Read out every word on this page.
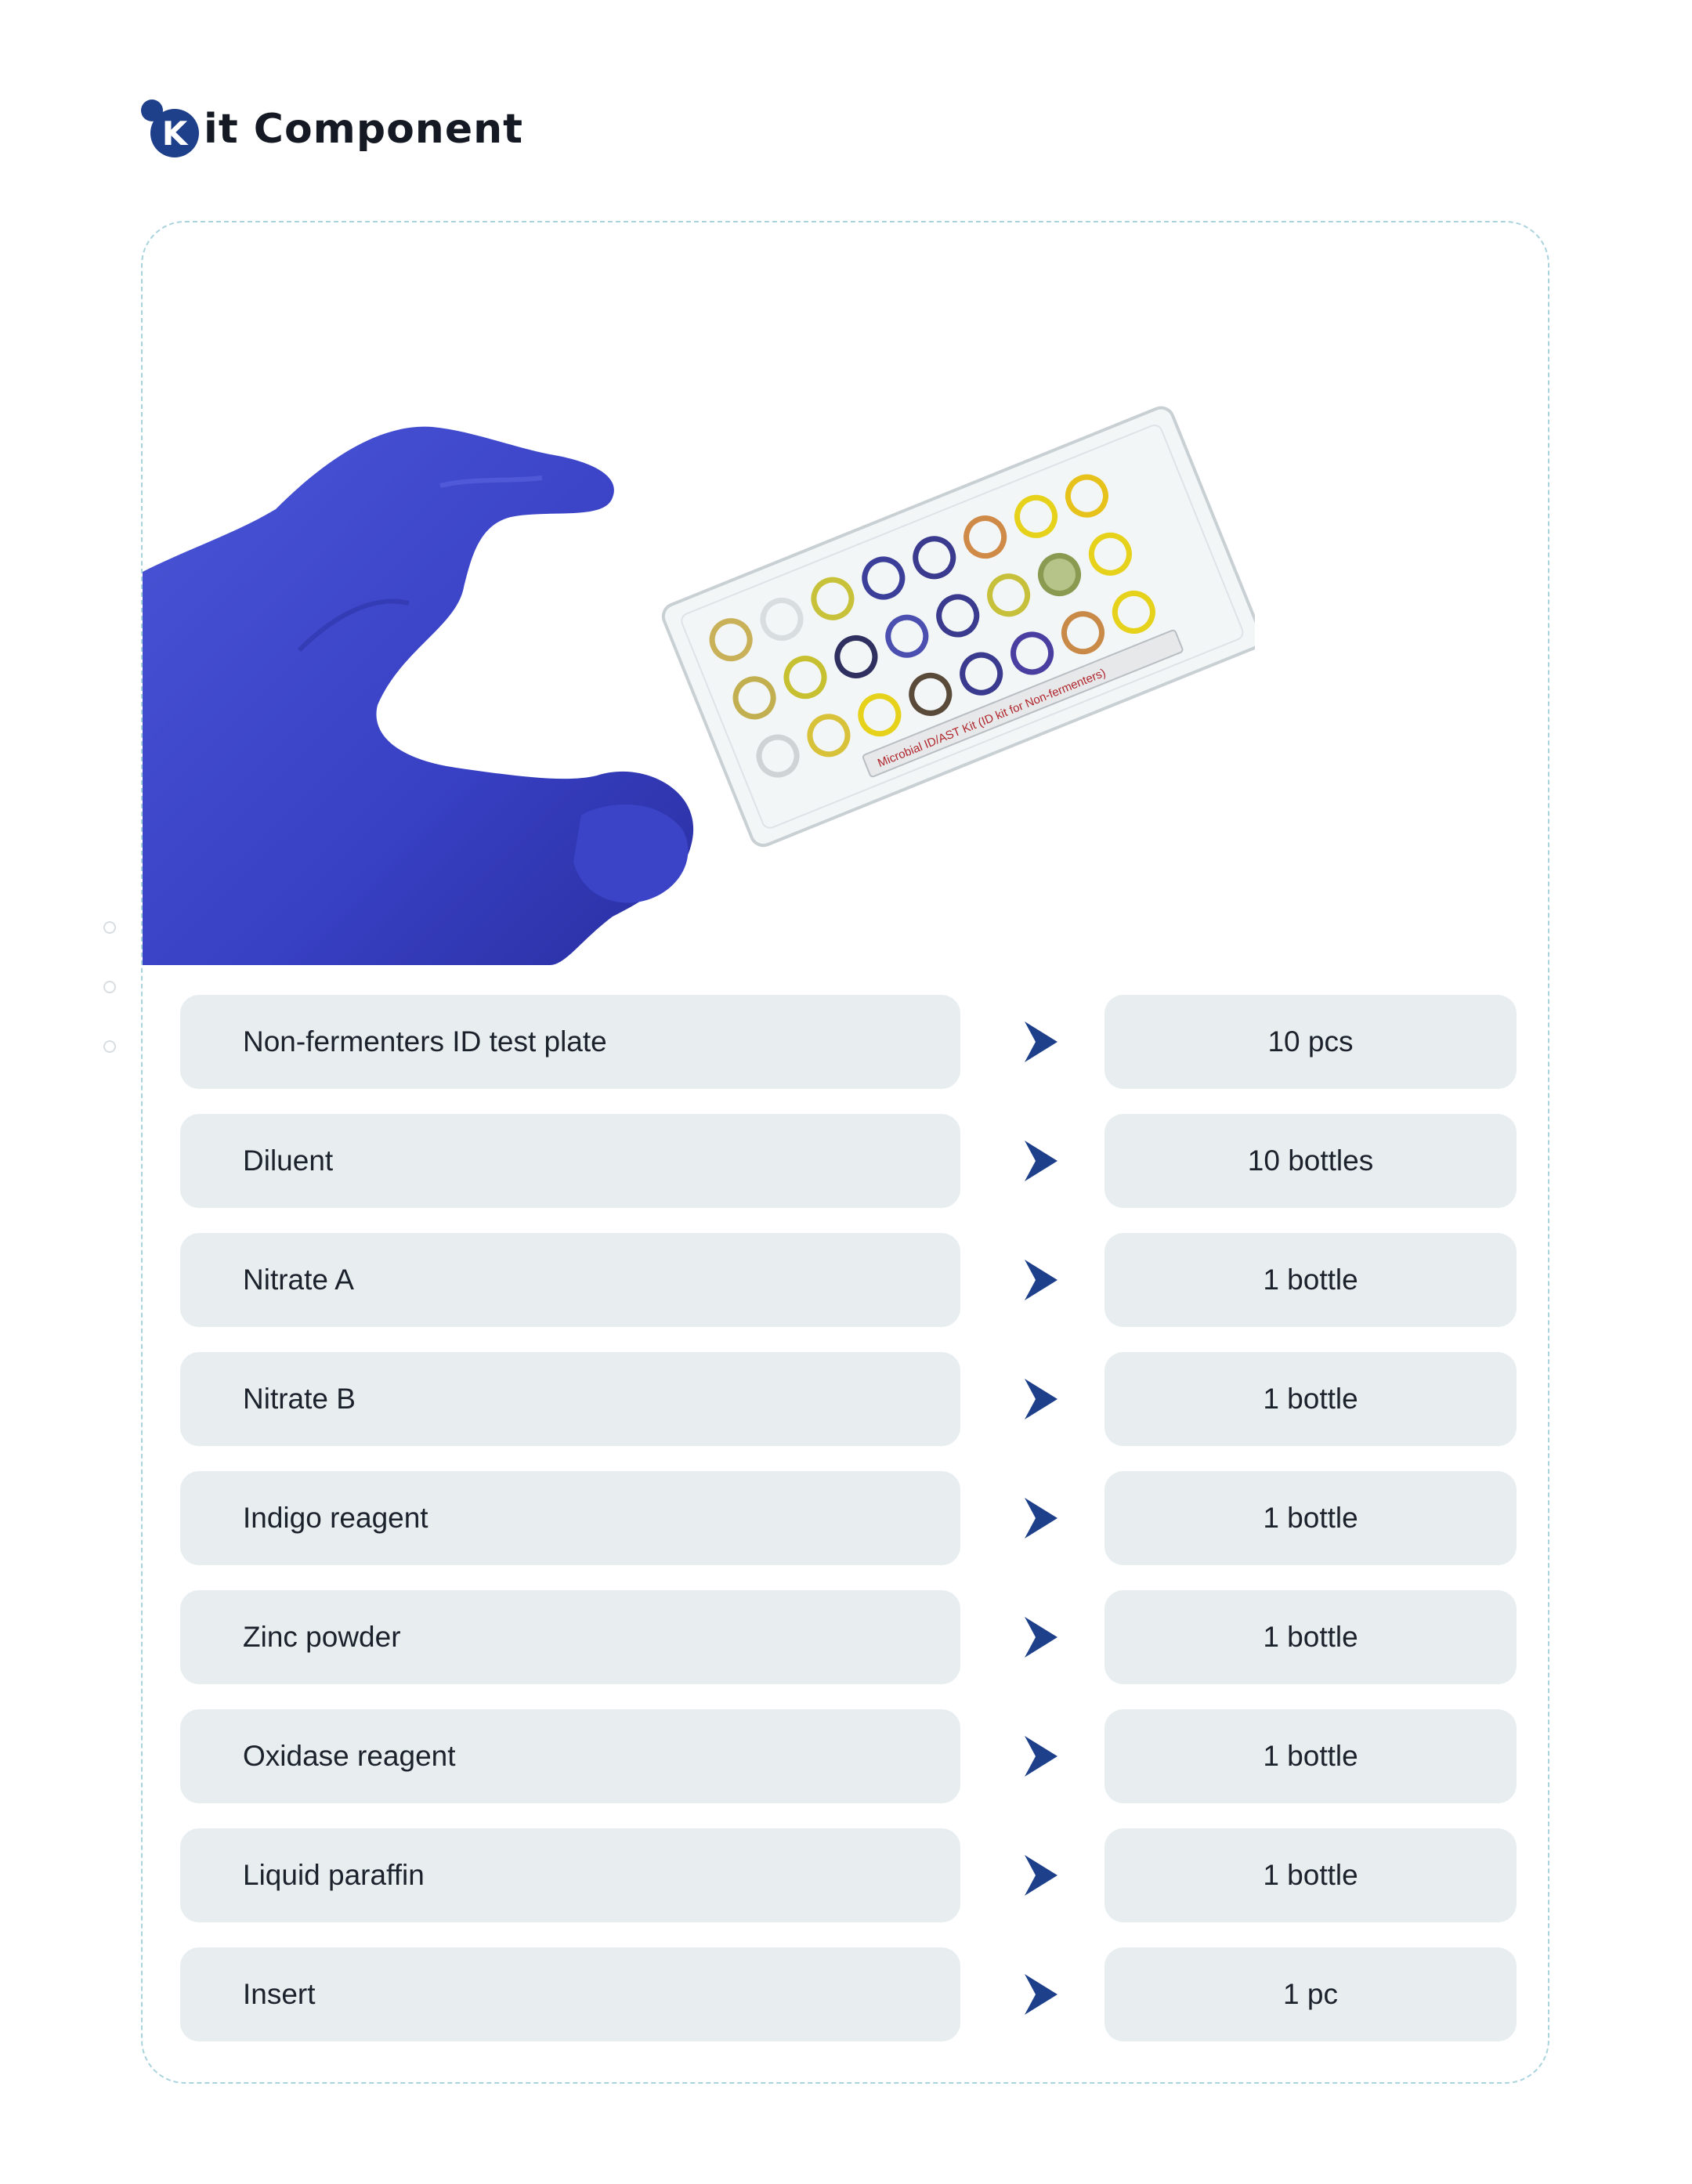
K it Component
Microbial ID/AST Kit (ID kit for Non-fermenters)
Non-fermenters ID test plate	10 pcs
Diluent	10 bottles
Nitrate A	1 bottle
Nitrate B	1 bottle
Indigo reagent	1 bottle
Zinc powder	1 bottle
Oxidase reagent	1 bottle
Liquid paraffin	1 bottle
Insert	1 pc
